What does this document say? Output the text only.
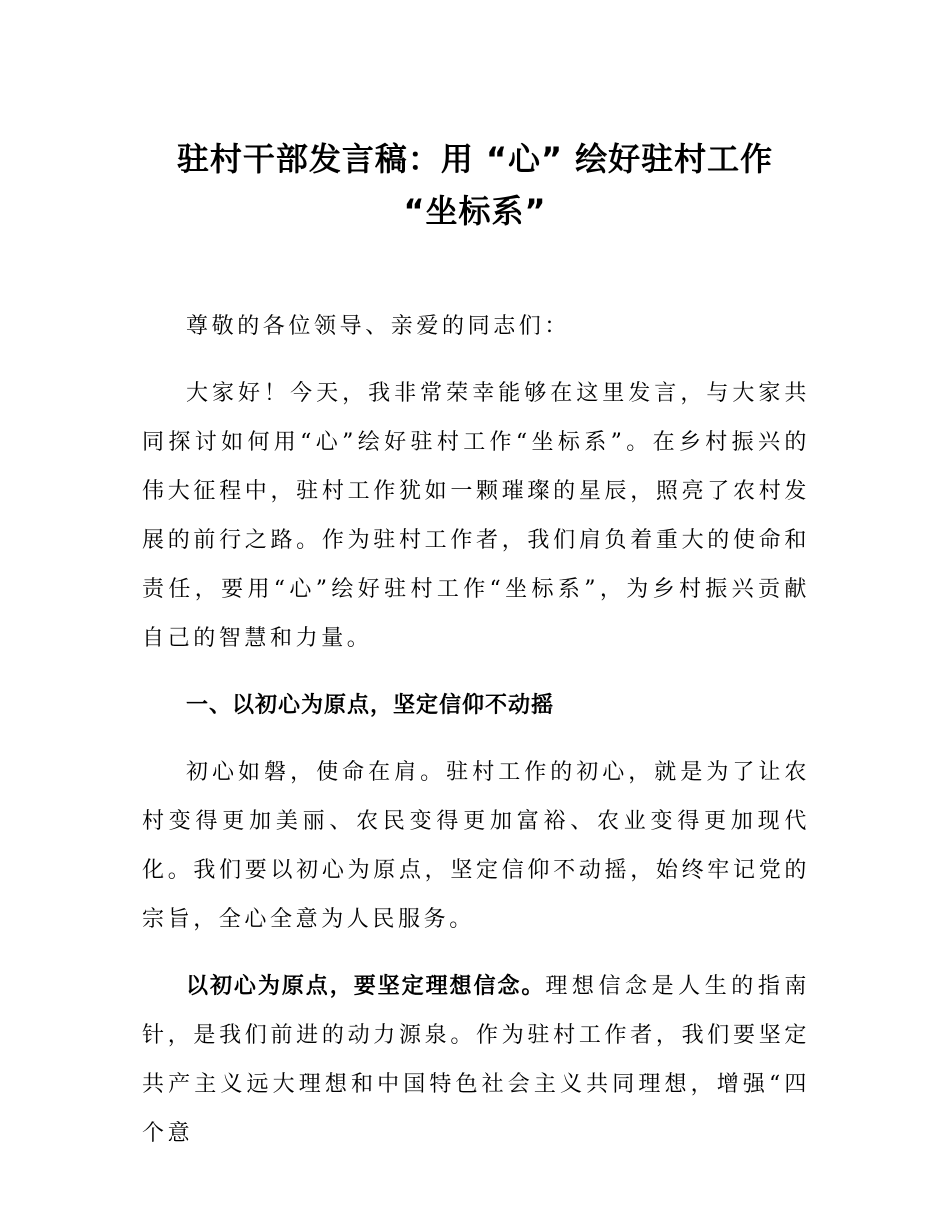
驻村干部发言稿：用 “心” 绘好驻村工作
“坐标系”

尊敬的各位领导、亲爱的同志们：

大家好！今天，我非常荣幸能够在这里发言，与大家共同探讨如何用“心”绘好驻村工作“坐标系”。在乡村振兴的伟大征程中，驻村工作犹如一颗璀璨的星辰，照亮了农村发展的前行之路。作为驻村工作者，我们肩负着重大的使命和责任，要用“心”绘好驻村工作“坐标系”，为乡村振兴贡献自己的智慧和力量。

一、以初心为原点，坚定信仰不动摇

初心如磐，使命在肩。驻村工作的初心，就是为了让农村变得更加美丽、农民变得更加富裕、农业变得更加现代化。我们要以初心为原点，坚定信仰不动摇，始终牢记党的宗旨，全心全意为人民服务。

以初心为原点，要坚定理想信念。理想信念是人生的指南针，是我们前进的动力源泉。作为驻村工作者，我们要坚定共产主义远大理想和中国特色社会主义共同理想，增强“四个意
